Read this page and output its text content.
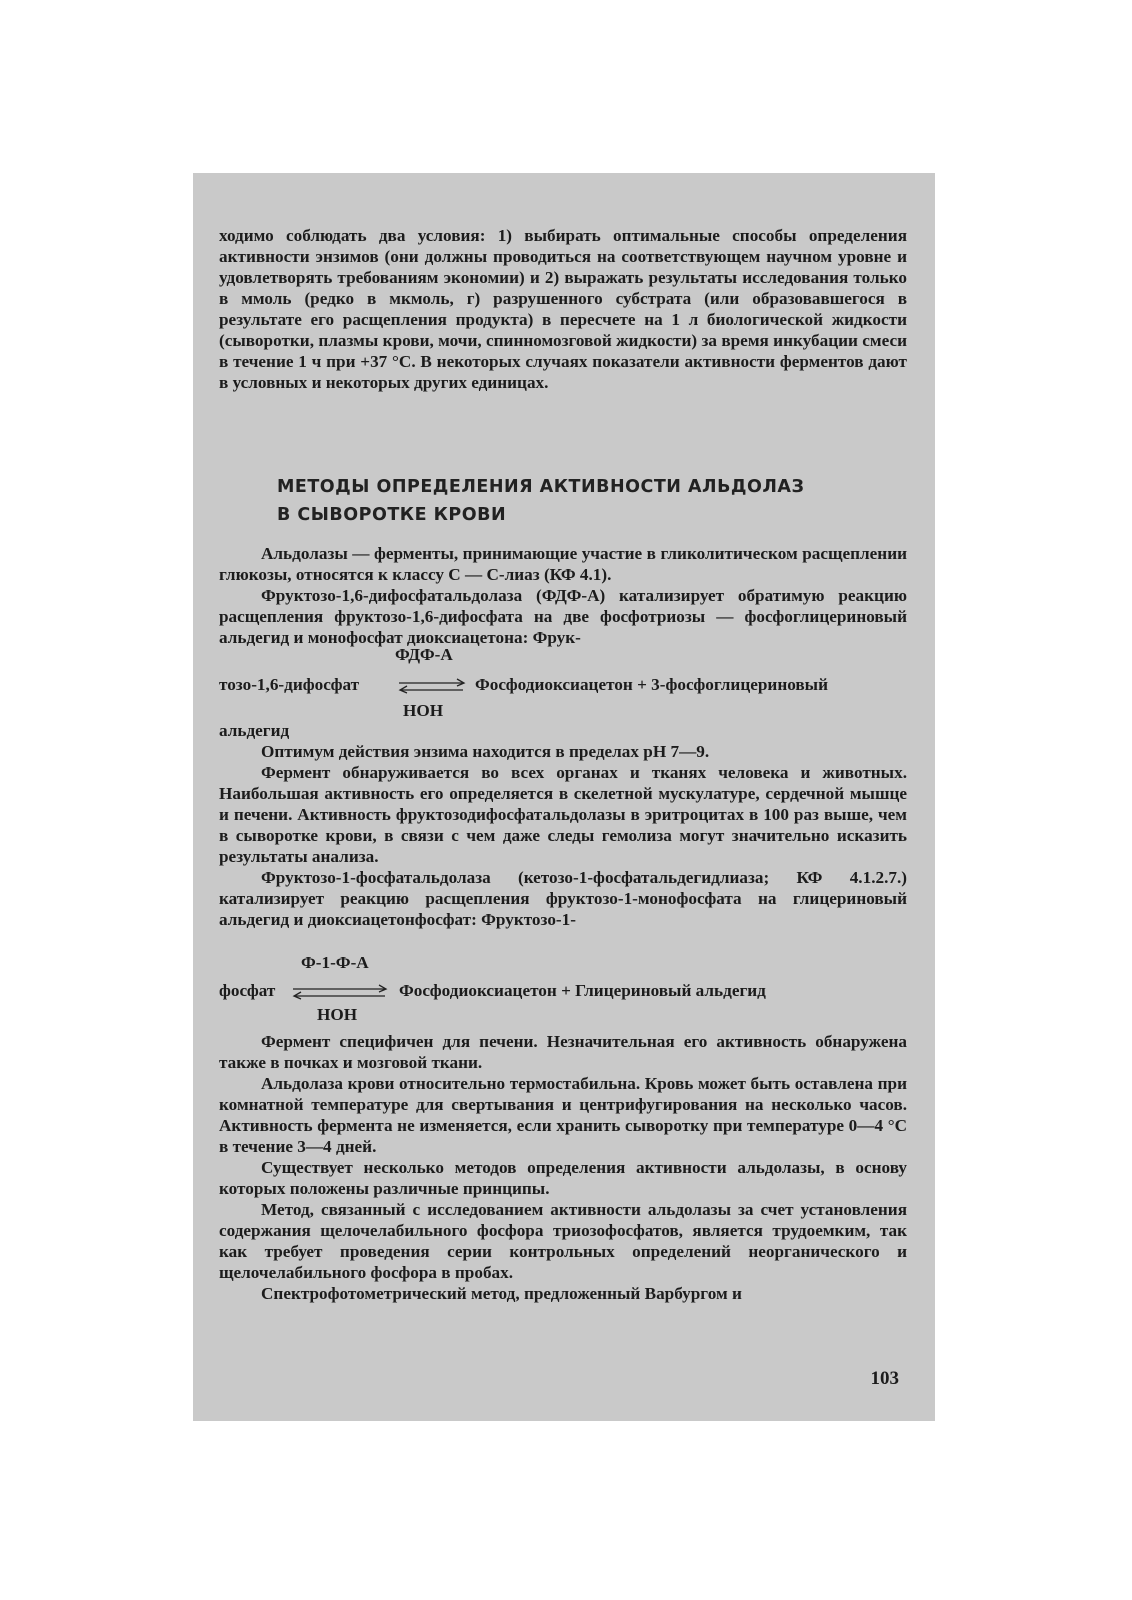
ходимо соблюдать два условия: 1) выбирать оптимальные способы определения активности энзимов (они должны проводиться на соответствующем научном уровне и удовлетворять требованиям экономии) и 2) выражать результаты исследования только в ммоль (редко в мкмоль, г) разрушенного субстрата (или образовавшегося в результате его расщепления продукта) в пересчете на 1 л биологической жидкости (сыворотки, плазмы крови, мочи, спинномозговой жидкости) за время инкубации смеси в течение 1 ч при +37 °С. В некоторых случаях показатели активности ферментов дают в условных и некоторых других единицах.

МЕТОДЫ ОПРЕДЕЛЕНИЯ АКТИВНОСТИ АЛЬДОЛАЗ
В СЫВОРОТКЕ КРОВИ

Альдолазы — ферменты, принимающие участие в гликолитическом расщеплении глюкозы, относятся к классу С — С-лиаз (КФ 4.1).

Фруктозо-1,6-дифосфатальдолаза (ФДФ-А) катализирует обратимую реакцию расщепления фруктозо-1,6-дифосфата на две фосфотриозы — фосфоглицериновый альдегид и монофосфат диоксиацетона: Фрук-

ФДФ-А
тозо-1,6-дифосфат	Фосфодиоксиацетон + 3-фосфоглицериновый
НОН

альдегид

Оптимум действия энзима находится в пределах рН 7—9.

Фермент обнаруживается во всех органах и тканях человека и животных. Наибольшая активность его определяется в скелетной мускулатуре, сердечной мышце и печени. Активность фруктозодифосфатальдолазы в эритроцитах в 100 раз выше, чем в сыворотке крови, в связи с чем даже следы гемолиза могут значительно исказить результаты анализа.

Фруктозо-1-фосфатальдолаза (кетозо-1-фосфатальдегидлиаза; КФ 4.1.2.7.) катализирует реакцию расщепления фруктозо-1-монофосфата на глицериновый альдегид и диоксиацетонфосфат: Фруктозо-1-

Ф-1-Ф-А
фосфат	Фосфодиоксиацетон + Глицериновый альдегид
НОН

Фермент специфичен для печени. Незначительная его активность обнаружена также в почках и мозговой ткани.

Альдолаза крови относительно термостабильна. Кровь может быть оставлена при комнатной температуре для свертывания и центрифугирования на несколько часов. Активность фермента не изменяется, если хранить сыворотку при температуре 0—4 °С в течение 3—4 дней.

Существует несколько методов определения активности альдолазы, в основу которых положены различные принципы.

Метод, связанный с исследованием активности альдолазы за счет установления содержания щелочелабильного фосфора триозофосфатов, является трудоемким, так как требует проведения серии контрольных определений неорганического и щелочелабильного фосфора в пробах.

Спектрофотометрический метод, предложенный Варбургом и

103
